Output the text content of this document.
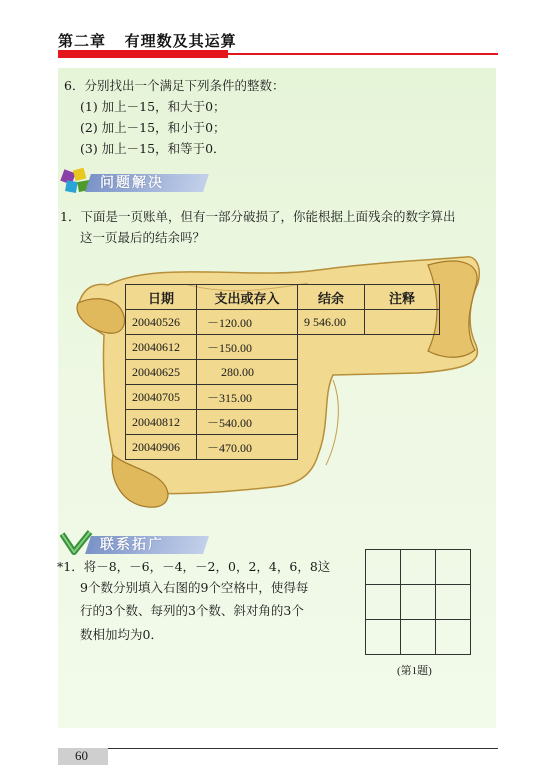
第二章   有理数及其运算
6．分别找出一个满足下列条件的整数：
(1) 加上－15，和大于0；
(2) 加上－15，和小于0；
(3) 加上－15，和等于0．
问题解决
1．下面是一页账单，但有一部分破损了，你能根据上面残余的数字算出
这一页最后的结余吗？
日期	支出或存入	结余	注释
20040526	－120.00	9 546.00	
20040612	－150.00		
20040625	280.00		
20040705	－315.00		
20040812	－540.00		
20040906	－470.00		
联系拓广
*1．将－8，－6，－4，－2，0，2，4，6，8这
9个数分别填入右图的9个空格中，使得每
行的3个数、每列的3个数、斜对角的3个
数相加均为0．

(第1题)
60
